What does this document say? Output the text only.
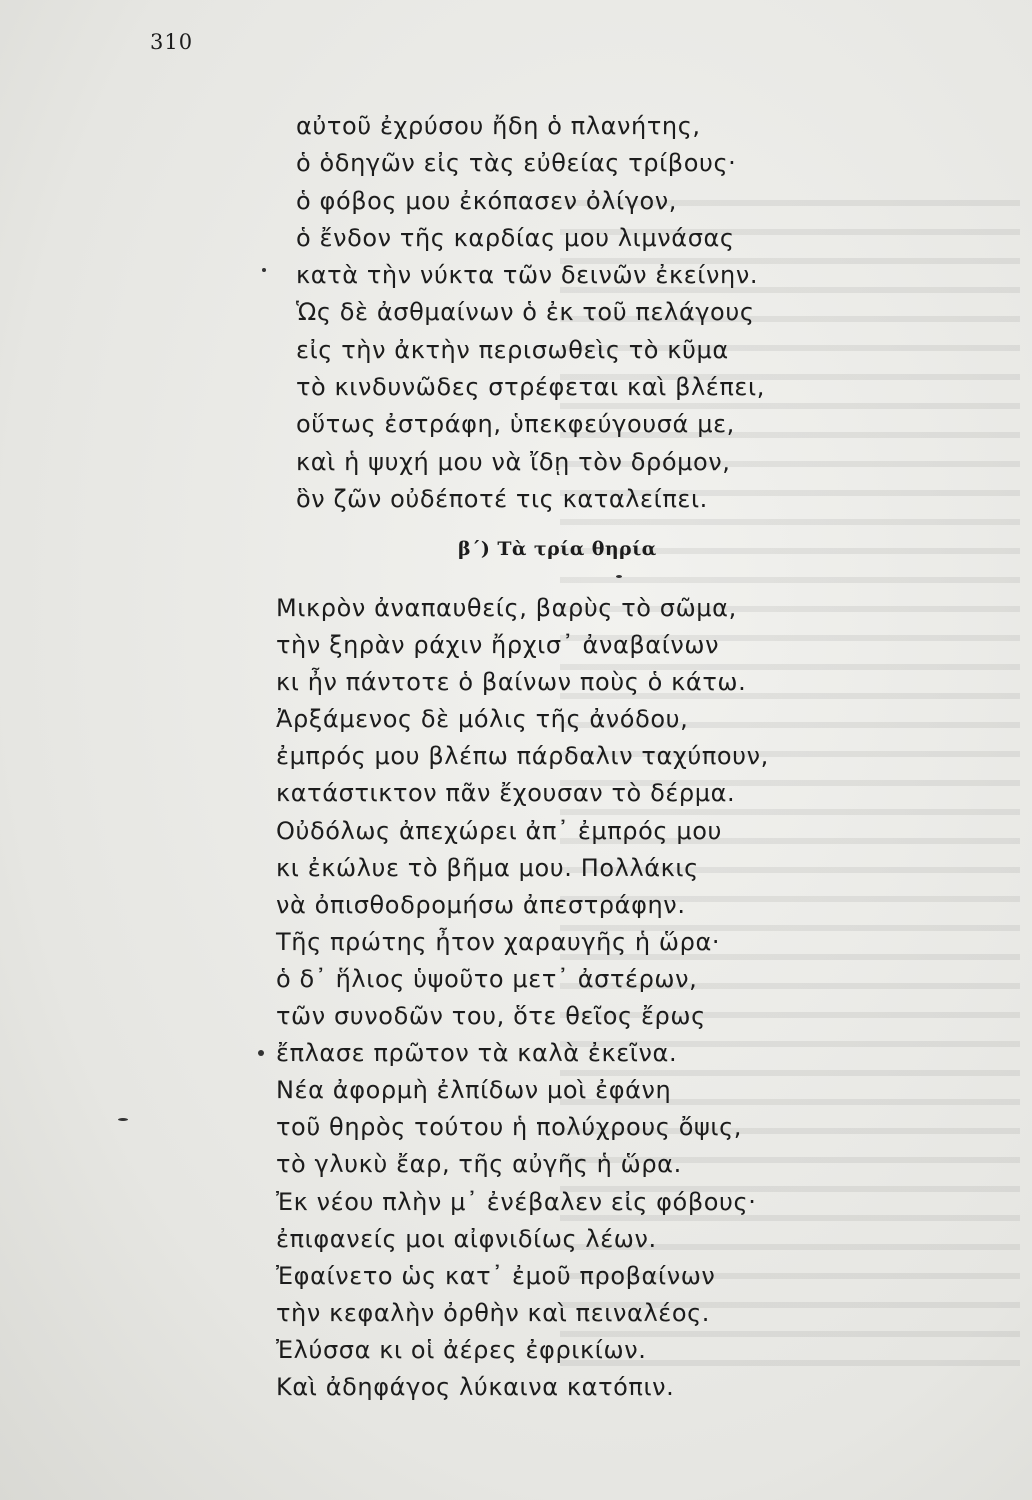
310
αὐτοῦ ἐχρύσου ἤδη ὁ πλανήτης,
ὁ ὁδηγῶν εἰς τὰς εὐθείας τρίβους·
ὁ φόβος μου ἐκόπασεν ὀλίγον,
ὁ ἔνδον τῆς καρδίας μου λιμνάσας
κατὰ τὴν νύκτα τῶν δεινῶν ἐκείνην.
Ὡς δὲ ἀσθμαίνων ὁ ἐκ τοῦ πελάγους
εἰς τὴν ἀκτὴν περισωθεὶς τὸ κῦμα
τὸ κινδυνῶδες στρέφεται καὶ βλέπει,
οὕτως ἐστράφη, ὑπεκφεύγουσά με,
καὶ ἡ ψυχή μου νὰ ἴδῃ τὸν δρόμον,
ὃν ζῶν οὐδέποτέ τις καταλείπει.
β΄) Τὰ τρία θηρία
Μικρὸν ἀναπαυθείς, βαρὺς τὸ σῶμα,
τὴν ξηρὰν ράχιν ἤρχισ᾽ ἀναβαίνων
κι ἦν πάντοτε ὁ βαίνων ποὺς ὁ κάτω.
Ἀρξάμενος δὲ μόλις τῆς ἀνόδου,
ἐμπρός μου βλέπω πάρδαλιν ταχύπουν,
κατάστικτον πᾶν ἔχουσαν τὸ δέρμα.
Οὐδόλως ἀπεχώρει ἀπ᾽ ἐμπρός μου
κι ἐκώλυε τὸ βῆμα μου. Πολλάκις
νὰ ὀπισθοδρομήσω ἀπεστράφην.
Τῆς πρώτης ἦτον χαραυγῆς ἡ ὥρα·
ὁ δ᾽ ἥλιος ὑψοῦτο μετ᾽ ἀστέρων,
τῶν συνοδῶν του, ὅτε θεῖος ἔρως
ἔπλασε πρῶτον τὰ καλὰ ἐκεῖνα.
Νέα ἀφορμὴ ἐλπίδων μοὶ ἐφάνη
τοῦ θηρὸς τούτου ἡ πολύχρους ὄψις,
τὸ γλυκὺ ἔαρ, τῆς αὐγῆς ἡ ὥρα.
Ἐκ νέου πλὴν μ᾽ ἐνέβαλεν εἰς φόβους·
ἐπιφανείς μοι αἰφνιδίως λέων.
Ἐφαίνετο ὡς κατ᾽ ἐμοῦ προβαίνων
τὴν κεφαλὴν ὀρθὴν καὶ πειναλέος.
Ἐλύσσα κι οἱ ἀέρες ἐφρικίων.
Καὶ ἀδηφάγος λύκαινα κατόπιν.
